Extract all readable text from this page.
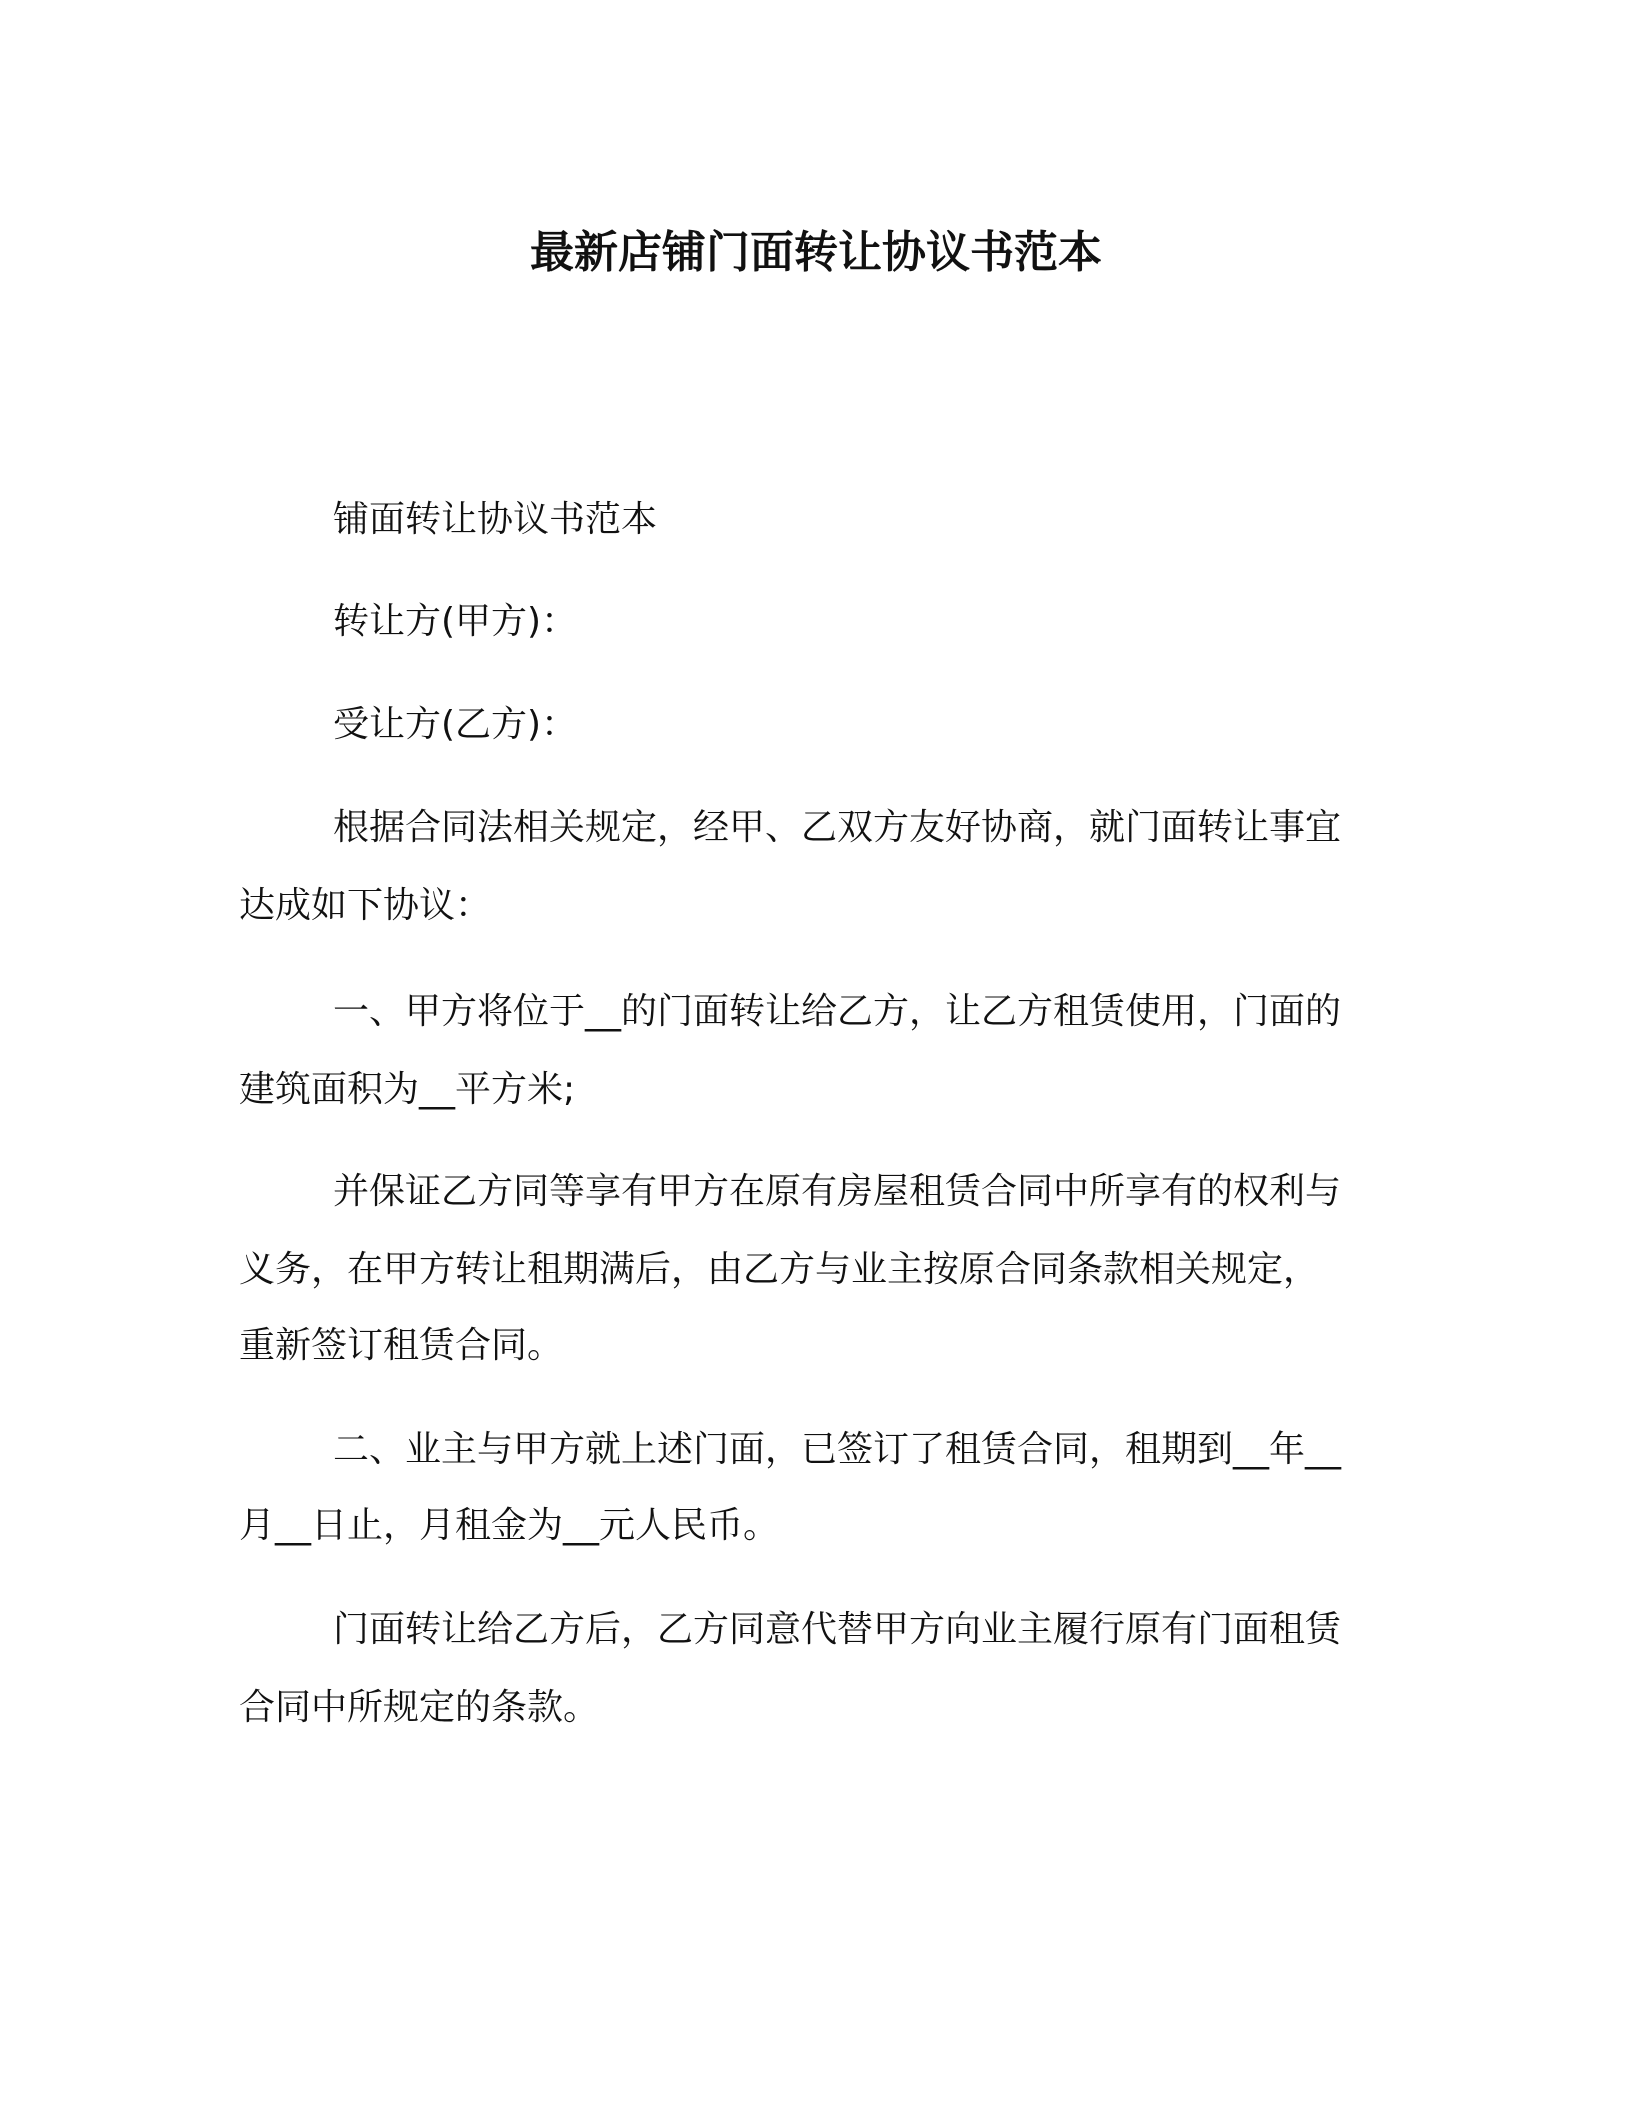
最新店铺门面转让协议书范本

铺面转让协议书范本

转让方(甲方)：

受让方(乙方)：

根据合同法相关规定，经甲、乙双方友好协商，就门面转让事宜

达成如下协议：

一、甲方将位于__的门面转让给乙方，让乙方租赁使用，门面的

建筑面积为__平方米;

并保证乙方同等享有甲方在原有房屋租赁合同中所享有的权利与

义务，在甲方转让租期满后，由乙方与业主按原合同条款相关规定，

重新签订租赁合同。

二、业主与甲方就上述门面，已签订了租赁合同，租期到__年__

月__日止，月租金为__元人民币。

门面转让给乙方后，乙方同意代替甲方向业主履行原有门面租赁

合同中所规定的条款。
